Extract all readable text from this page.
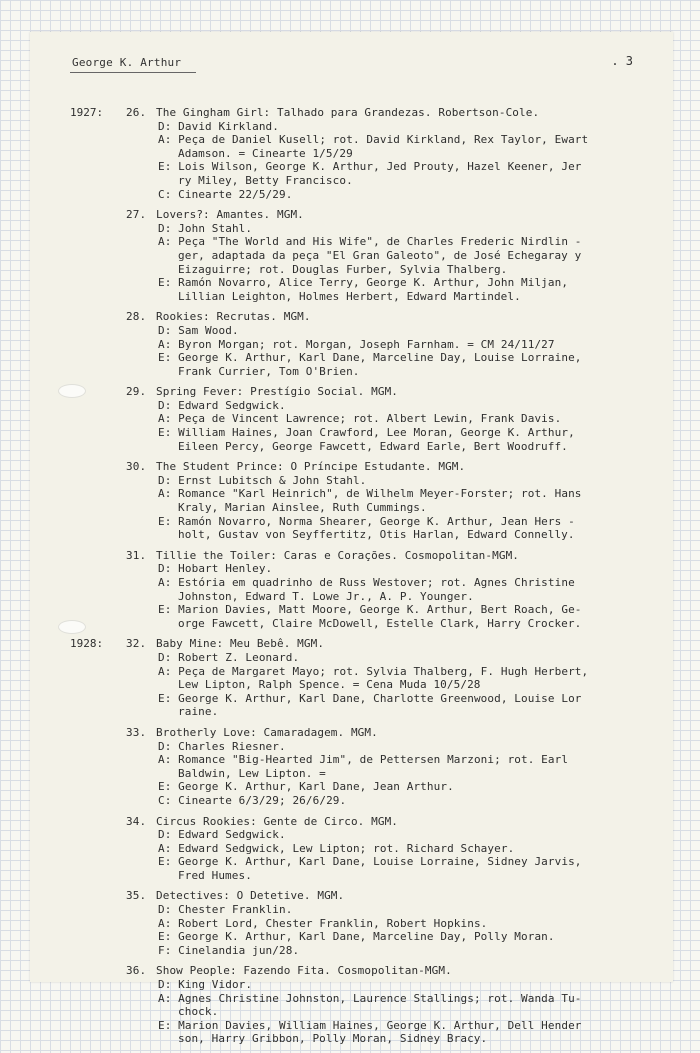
George K. Arthur	. 3
1927:	26. The Gingham Girl: Talhado para Grandezas. Robertson-Cole.
D: David Kirkland.
A: Peça de Daniel Kusell; rot. David Kirkland, Rex Taylor, Ewart
Adamson. = Cinearte 1/5/29
E: Lois Wilson, George K. Arthur, Jed Prouty, Hazel Keener, Jer
ry Miley, Betty Francisco.
C: Cinearte 22/5/29.
27. Lovers?: Amantes. MGM.
D: John Stahl.
A: Peça "The World and His Wife", de Charles Frederic Nirdlin -
ger, adaptada da peça "El Gran Galeoto", de José Echegaray y
Eizaguirre; rot. Douglas Furber, Sylvia Thalberg.
E: Ramón Novarro, Alice Terry, George K. Arthur, John Miljan,
Lillian Leighton, Holmes Herbert, Edward Martindel.
28. Rookies: Recrutas. MGM.
D: Sam Wood.
A: Byron Morgan; rot. Morgan, Joseph Farnham. = CM 24/11/27
E: George K. Arthur, Karl Dane, Marceline Day, Louise Lorraine,
Frank Currier, Tom O'Brien.
29. Spring Fever: Prestígio Social. MGM.
D: Edward Sedgwick.
A: Peça de Vincent Lawrence; rot. Albert Lewin, Frank Davis.
E: William Haines, Joan Crawford, Lee Moran, George K. Arthur,
Eileen Percy, George Fawcett, Edward Earle, Bert Woodruff.
30. The Student Prince: O Príncipe Estudante. MGM.
D: Ernst Lubitsch & John Stahl.
A: Romance "Karl Heinrich", de Wilhelm Meyer-Forster; rot. Hans
Kraly, Marian Ainslee, Ruth Cummings.
E: Ramón Novarro, Norma Shearer, George K. Arthur, Jean Hers -
holt, Gustav von Seyffertitz, Otis Harlan, Edward Connelly.
31. Tillie the Toiler: Caras e Corações. Cosmopolitan-MGM.
D: Hobart Henley.
A: Estória em quadrinho de Russ Westover; rot. Agnes Christine
Johnston, Edward T. Lowe Jr., A. P. Younger.
E: Marion Davies, Matt Moore, George K. Arthur, Bert Roach, Ge-
orge Fawcett, Claire McDowell, Estelle Clark, Harry Crocker.
1928:	32. Baby Mine: Meu Bebê. MGM.
D: Robert Z. Leonard.
A: Peça de Margaret Mayo; rot. Sylvia Thalberg, F. Hugh Herbert,
Lew Lipton, Ralph Spence. = Cena Muda 10/5/28
E: George K. Arthur, Karl Dane, Charlotte Greenwood, Louise Lor
raine.
33. Brotherly Love: Camaradagem. MGM.
D: Charles Riesner.
A: Romance "Big-Hearted Jim", de Pettersen Marzoni; rot. Earl
Baldwin, Lew Lipton. =
E: George K. Arthur, Karl Dane, Jean Arthur.
C: Cinearte 6/3/29; 26/6/29.
34. Circus Rookies: Gente de Circo. MGM.
D: Edward Sedgwick.
A: Edward Sedgwick, Lew Lipton; rot. Richard Schayer.
E: George K. Arthur, Karl Dane, Louise Lorraine, Sidney Jarvis,
Fred Humes.
35. Detectives: O Detetive. MGM.
D: Chester Franklin.
A: Robert Lord, Chester Franklin, Robert Hopkins.
E: George K. Arthur, Karl Dane, Marceline Day, Polly Moran.
F: Cinelandia jun/28.
36. Show People: Fazendo Fita. Cosmopolitan-MGM.
D: King Vidor.
A: Agnes Christine Johnston, Laurence Stallings; rot. Wanda Tu-
chock.
E: Marion Davies, William Haines, George K. Arthur, Dell Hender
son, Harry Gribbon, Polly Moran, Sidney Bracy.
